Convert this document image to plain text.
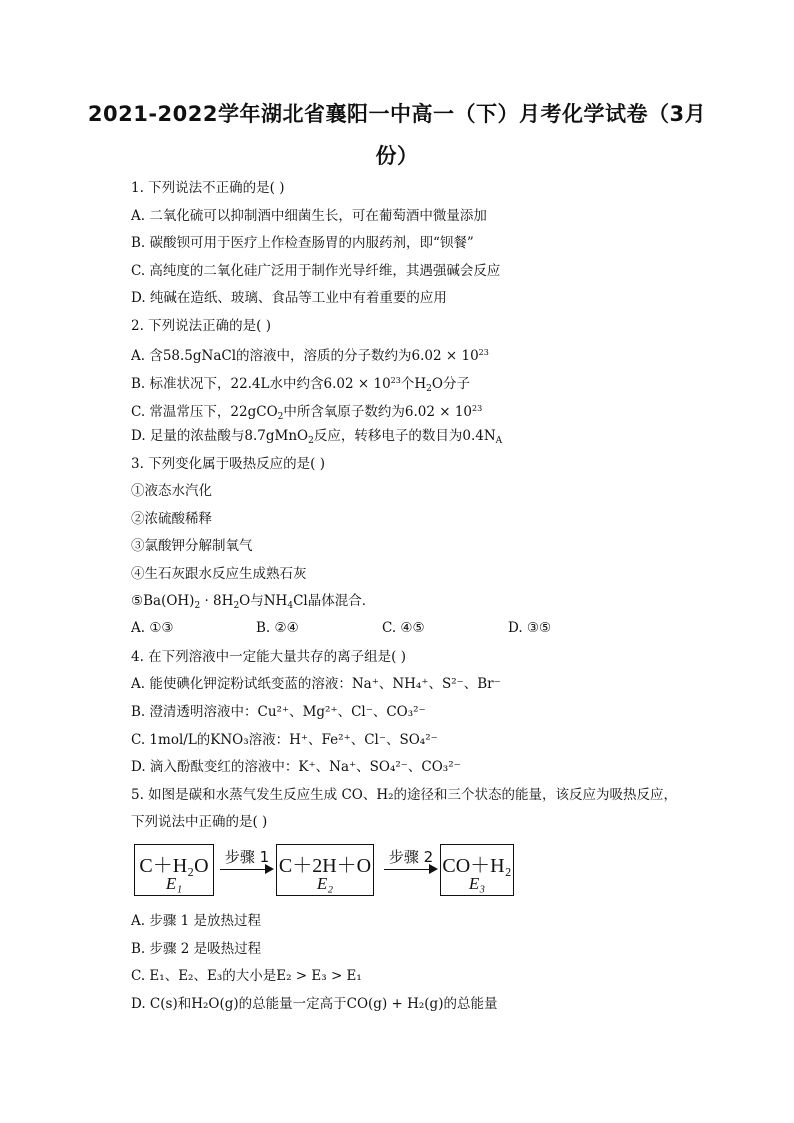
2021-2022学年湖北省襄阳一中高一（下）月考化学试卷（3月
份）
1. 下列说法不正确的是( )
A. 二氧化硫可以抑制酒中细菌生长，可在葡萄酒中微量添加
B. 碳酸钡可用于医疗上作检查肠胃的内服药剂，即“钡餐”
C. 高纯度的二氧化硅广泛用于制作光导纤维，其遇强碱会反应
D. 纯碱在造纸、玻璃、食品等工业中有着重要的应用
2. 下列说法正确的是( )
A. 含58.5gNaCl的溶液中，溶质的分子数约为$6.02 \times 10^{23}$
B. 标准状况下，22.4L水中约含$6.02 \times 10^{23}$个$H_2O$分子
C. 常温常压下，22gCO$_2$中所含氧原子数约为$6.02 \times 10^{23}$
D. 足量的浓盐酸与8.7gMnO$_2$反应，转移电子的数目为$0.4N_A$
3. 下列变化属于吸热反应的是( )
①液态水汽化
②浓硫酸稀释
③氯酸钾分解制氧气
④生石灰跟水反应生成熟石灰
$⑤Ba(OH)_2 \cdot 8H_2O$与$NH_4Cl$晶体混合．
A. ①③	B. ②④	C. ④⑤	D. ③⑤
4. 在下列溶液中一定能大量共存的离子组是( )
A. 能使碘化钾淀粉试纸变蓝的溶液：Na⁺、NH₄⁺、S²⁻、Br⁻
B. 澄清透明溶液中：Cu²⁺、Mg²⁺、Cl⁻、CO₃²⁻
C. 1mol/L的KNO₃溶液：H⁺、Fe²⁺、Cl⁻、SO₄²⁻
D. 滴入酚酞变红的溶液中：K⁺、Na⁺、SO₄²⁻、CO₃²⁻
5. 如图是碳和水蒸气发生反应生成 CO、H₂的途径和三个状态的能量，该反应为吸热反应，
下列说法中正确的是( )
C＋H₂O
E₁
步骤 1 C＋2H＋O
E₂
步骤 2 CO＋H₂
E₃
A. 步骤 1 是放热过程
B. 步骤 2 是吸热过程
C. E₁、E₂、E₃的大小是E₂ > E₃ > E₁
D. C(s)和H₂O(g)的总能量一定高于CO(g) + H₂(g)的总能量
